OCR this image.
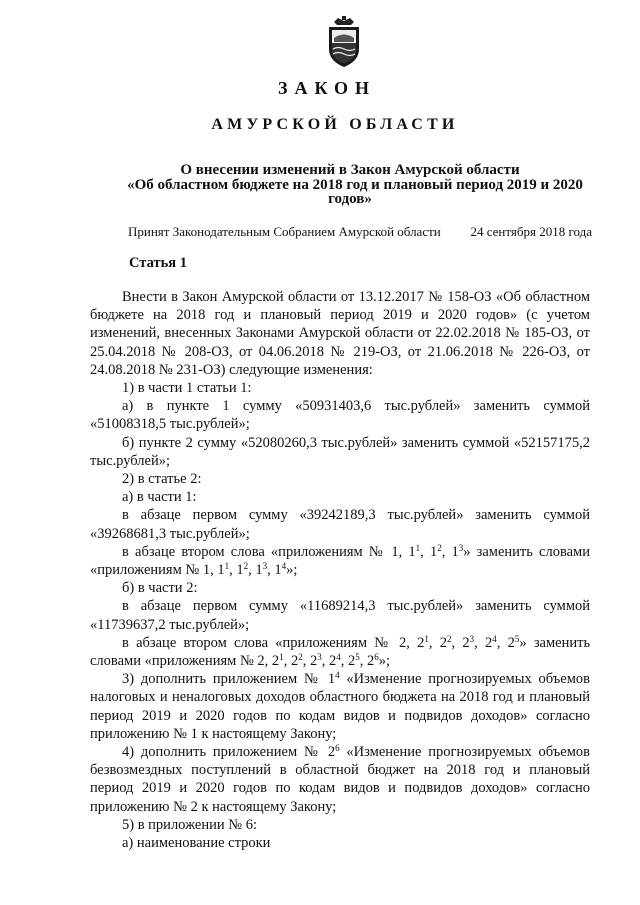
ЗАКОН
АМУРСКОЙ ОБЛАСТИ
О внесении изменений в Закон Амурской области
«Об областном бюджете на 2018 год и плановый период 2019 и 2020
годов»
Принят Законодательным Собранием Амурской области 24 сентября 2018 года
Статья 1

Внести в Закон Амурской области от 13.12.2017 № 158-ОЗ «Об областном бюджете на 2018 год и плановый период 2019 и 2020 годов» (с учетом изменений, внесенных Законами Амурской области от 22.02.2018 № 185-ОЗ, от 25.04.2018 № 208-ОЗ, от 04.06.2018 № 219-ОЗ, от 21.06.2018 № 226-ОЗ, от 24.08.2018 № 231-ОЗ) следующие изменения:

1) в части 1 статьи 1:

а) в пункте 1 сумму «50931403,6 тыс.рублей» заменить суммой «51008318,5 тыс.рублей»;

б) пункте 2 сумму «52080260,3 тыс.рублей» заменить суммой «52157175,2 тыс.рублей»;

2) в статье 2:

а) в части 1:

в абзаце первом сумму «39242189,3 тыс.рублей» заменить суммой «39268681,3 тыс.рублей»;

в абзаце втором слова «приложениям № 1, $1^1$, $1^2$, $1^3$» заменить словами «приложениям № 1, $1^1$, $1^2$, $1^3$, $1^4$»;

б) в части 2:

в абзаце первом сумму «11689214,3 тыс.рублей» заменить суммой «11739637,2 тыс.рублей»;

в абзаце втором слова «приложениям № 2, $2^1$, $2^2$, $2^3$, $2^4$, $2^5$» заменить словами «приложениям № 2, $2^1$, $2^2$, $2^3$, $2^4$, $2^5$, $2^6$»;

3) дополнить приложением № $1^4$ «Изменение прогнозируемых объемов налоговых и неналоговых доходов областного бюджета на 2018 год и плановый период 2019 и 2020 годов по кодам видов и подвидов доходов» согласно приложению № 1 к настоящему Закону;

4) дополнить приложением № $2^6$ «Изменение прогнозируемых объемов безвозмездных поступлений в областной бюджет на 2018 год и плановый период 2019 и 2020 годов по кодам видов и подвидов доходов» согласно приложению № 2 к настоящему Закону;

5) в приложении № 6:

а) наименование строки
